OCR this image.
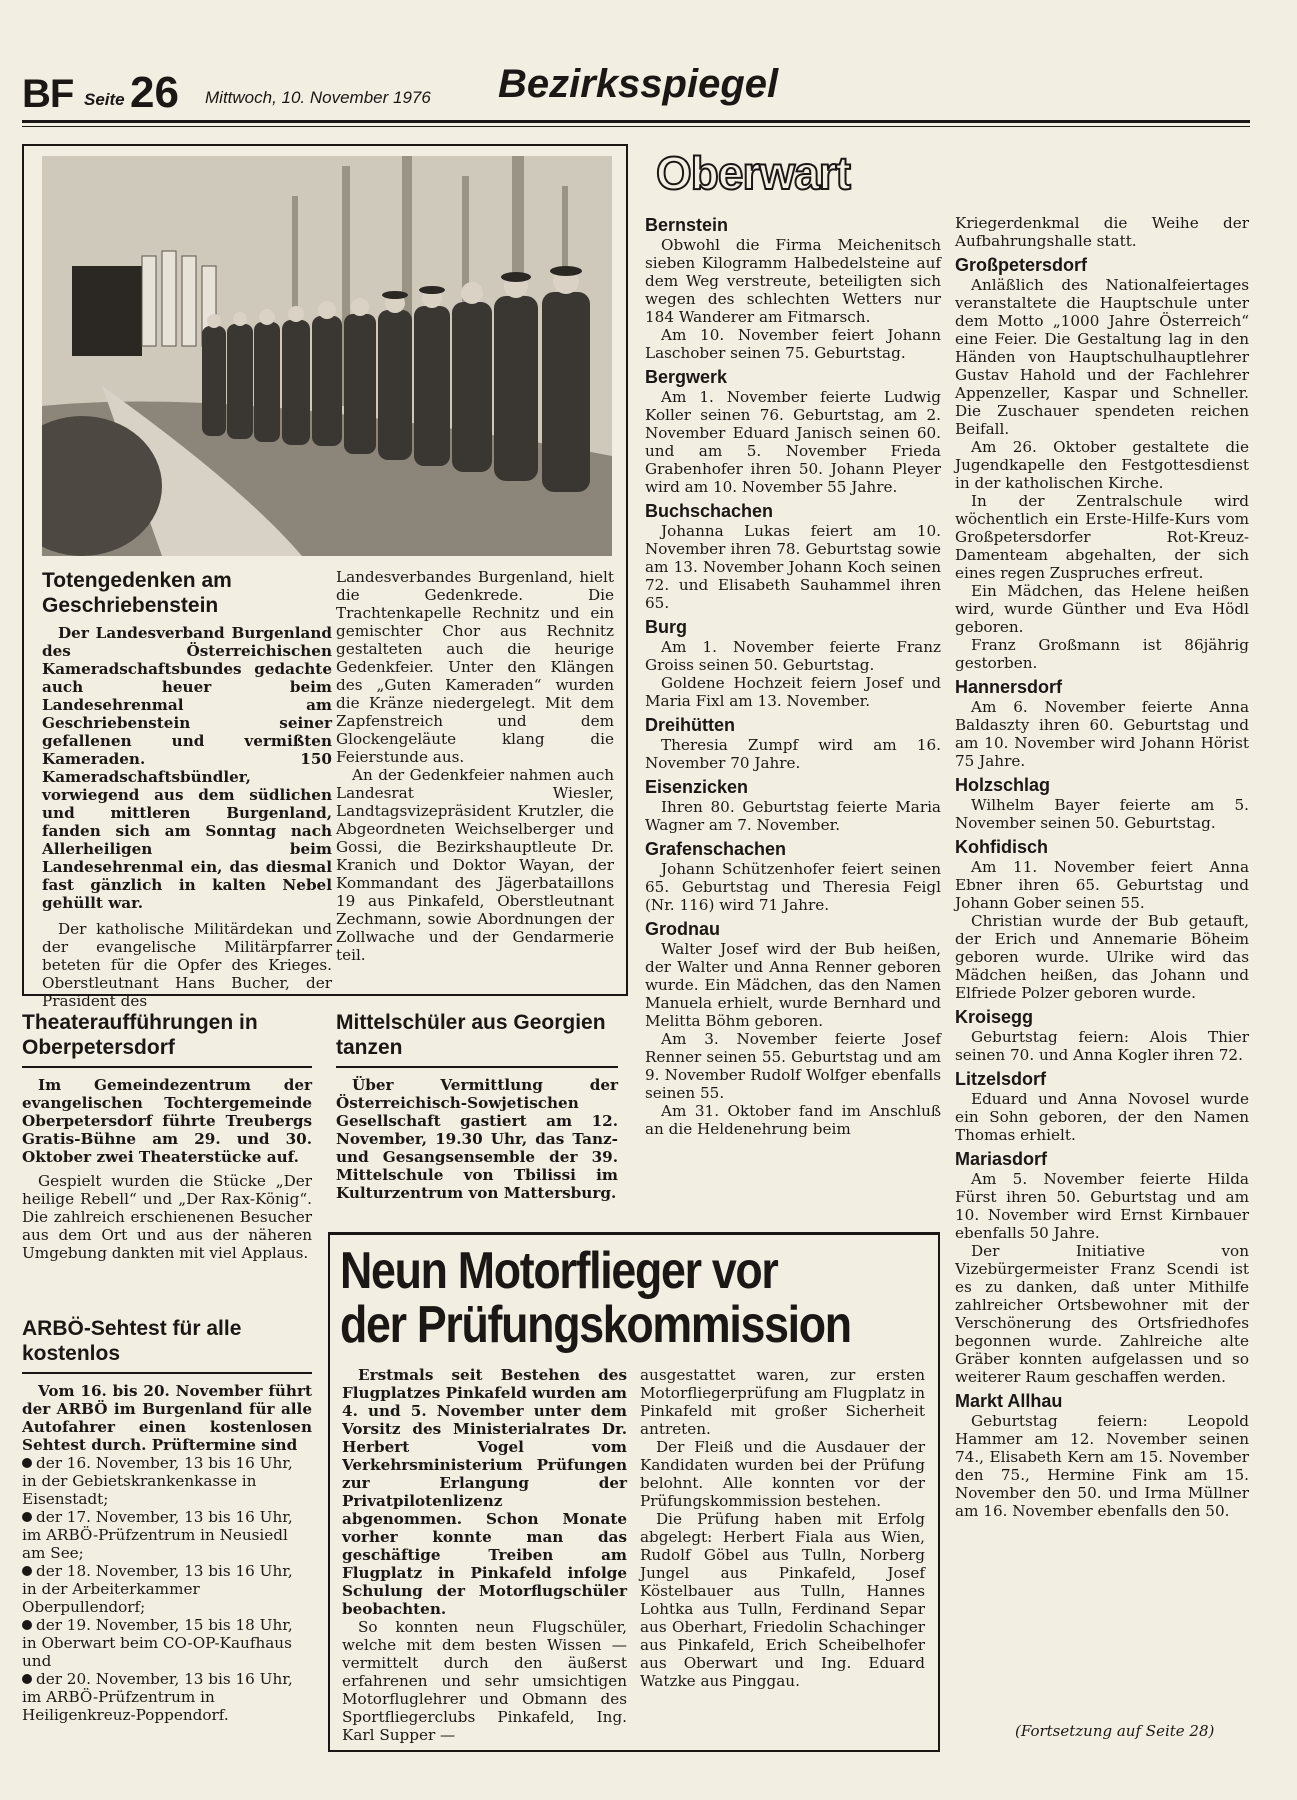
BF Seite 26 Mittwoch, 10. November 1976 Bezirksspiegel
Totengedenken am Geschriebenstein
Der Landesverband Burgenland des Österreichischen Kameradschaftsbundes gedachte auch heuer beim Landesehrenmal am Geschriebenstein seiner gefallenen und vermißten Kameraden. 150 Kameradschaftsbündler, vorwiegend aus dem südlichen und mittleren Burgenland, fanden sich am Sonntag nach Allerheiligen beim Landesehrenmal ein, das diesmal fast gänzlich in kalten Nebel gehüllt war.

Der katholische Militärdekan und der evangelische Militärpfarrer beteten für die Opfer des Krieges. Oberstleutnant Hans Bucher, der Präsident des

Landesverbandes Burgenland, hielt die Gedenkrede. Die Trachtenkapelle Rechnitz und ein gemischter Chor aus Rechnitz gestalteten auch die heurige Gedenkfeier. Unter den Klängen des „Guten Kameraden“ wurden die Kränze niedergelegt. Mit dem Zapfenstreich und dem Glockengeläute klang die Feierstunde aus.

An der Gedenkfeier nahmen auch Landesrat Wiesler, Landtagsvizepräsident Krutzler, die Abgeordneten Weichselberger und Gossi, die Bezirkshauptleute Dr. Kranich und Doktor Wayan, der Kommandant des Jägerbataillons 19 aus Pinkafeld, Oberstleutnant Zechmann, sowie Abordnungen der Zollwache und der Gendarmerie teil.

Theateraufführungen in Oberpetersdorf
Im Gemeindezentrum der evangelischen Tochtergemeinde Oberpetersdorf führte Treubergs Gratis-Bühne am 29. und 30. Oktober zwei Theaterstücke auf.

Gespielt wurden die Stücke „Der heilige Rebell“ und „Der Rax-König“. Die zahlreich erschienenen Besucher aus dem Ort und aus der näheren Umgebung dankten mit viel Applaus.

Mittelschüler aus Georgien tanzen
Über Vermittlung der Österreichisch-Sowjetischen Gesellschaft gastiert am 12. November, 19.30 Uhr, das Tanz- und Gesangsensemble der 39. Mittelschule von Tbilissi im Kulturzentrum von Mattersburg.
ARBÖ-Sehtest für alle kostenlos
Vom 16. bis 20. November führt der ARBÖ im Burgenland für alle Autofahrer einen kostenlosen Sehtest durch. Prüftermine sind
der 16. November, 13 bis 16 Uhr, in der Gebietskrankenkasse in Eisenstadt;
der 17. November, 13 bis 16 Uhr, im ARBÖ-Prüfzentrum in Neusiedl am See;
der 18. November, 13 bis 16 Uhr, in der Arbeiterkammer Oberpullendorf;
der 19. November, 15 bis 18 Uhr, in Oberwart beim CO-OP-Kaufhaus und
der 20. November, 13 bis 16 Uhr, im ARBÖ-Prüfzentrum in Heiligenkreuz-Poppendorf.
Neun Motorflieger vor
der Prüfungskommission
Erstmals seit Bestehen des Flugplatzes Pinkafeld wurden am 4. und 5. November unter dem Vorsitz des Ministerialrates Dr. Herbert Vogel vom Verkehrsministerium Prüfungen zur Erlangung der Privatpilotenlizenz abgenommen. Schon Monate vorher konnte man das geschäftige Treiben am Flugplatz in Pinkafeld infolge Schulung der Motorflugschüler beobachten.

So konnten neun Flugschüler, welche mit dem besten Wissen — vermittelt durch den äußerst erfahrenen und sehr umsichtigen Motorfluglehrer und Obmann des Sportfliegerclubs Pinkafeld, Ing. Karl Supper —

ausgestattet waren, zur ersten Motorfliegerprüfung am Flugplatz in Pinkafeld mit großer Sicherheit antreten.

Der Fleiß und die Ausdauer der Kandidaten wurden bei der Prüfung belohnt. Alle konnten vor der Prüfungskommission bestehen.

Die Prüfung haben mit Erfolg abgelegt: Herbert Fiala aus Wien, Rudolf Göbel aus Tulln, Norberg Jungel aus Pinkafeld, Josef Köstelbauer aus Tulln, Hannes Lohtka aus Tulln, Ferdinand Separ aus Oberhart, Friedolin Schachinger aus Pinkafeld, Erich Scheibelhofer aus Oberwart und Ing. Eduard Watzke aus Pinggau.

Oberwart
Bernstein

Obwohl die Firma Meichenitsch sieben Kilogramm Halbedelsteine auf dem Weg verstreute, beteiligten sich wegen des schlechten Wetters nur 184 Wanderer am Fitmarsch.

Am 10. November feiert Johann Laschober seinen 75. Geburtstag.

Bergwerk

Am 1. November feierte Ludwig Koller seinen 76. Geburtstag, am 2. November Eduard Janisch seinen 60. und am 5. November Frieda Grabenhofer ihren 50. Johann Pleyer wird am 10. November 55 Jahre.

Buchschachen

Johanna Lukas feiert am 10. November ihren 78. Geburtstag sowie am 13. November Johann Koch seinen 72. und Elisabeth Sauhammel ihren 65.

Burg

Am 1. November feierte Franz Groiss seinen 50. Geburtstag.

Goldene Hochzeit feiern Josef und Maria Fixl am 13. November.

Dreihütten

Theresia Zumpf wird am 16. November 70 Jahre.

Eisenzicken

Ihren 80. Geburtstag feierte Maria Wagner am 7. November.

Grafenschachen

Johann Schützenhofer feiert seinen 65. Geburtstag und Theresia Feigl (Nr. 116) wird 71 Jahre.

Grodnau

Walter Josef wird der Bub heißen, der Walter und Anna Renner geboren wurde. Ein Mädchen, das den Namen Manuela erhielt, wurde Bernhard und Melitta Böhm geboren.

Am 3. November feierte Josef Renner seinen 55. Geburtstag und am 9. November Rudolf Wolfger ebenfalls seinen 55.

Am 31. Oktober fand im Anschluß an die Heldenehrung beim

Kriegerdenkmal die Weihe der Aufbahrungshalle statt.

Großpetersdorf

Anläßlich des Nationalfeiertages veranstaltete die Hauptschule unter dem Motto „1000 Jahre Österreich“ eine Feier. Die Gestaltung lag in den Händen von Hauptschulhauptlehrer Gustav Hahold und der Fachlehrer Appenzeller, Kaspar und Schneller. Die Zuschauer spendeten reichen Beifall.

Am 26. Oktober gestaltete die Jugendkapelle den Festgottesdienst in der katholischen Kirche.

In der Zentralschule wird wöchentlich ein Erste-Hilfe-Kurs vom Großpetersdorfer Rot-Kreuz-Damenteam abgehalten, der sich eines regen Zuspruches erfreut.

Ein Mädchen, das Helene heißen wird, wurde Günther und Eva Hödl geboren.

Franz Großmann ist 86jährig gestorben.

Hannersdorf

Am 6. November feierte Anna Baldaszty ihren 60. Geburtstag und am 10. November wird Johann Hörist 75 Jahre.

Holzschlag

Wilhelm Bayer feierte am 5. November seinen 50. Geburtstag.

Kohfidisch

Am 11. November feiert Anna Ebner ihren 65. Geburtstag und Johann Gober seinen 55.

Christian wurde der Bub getauft, der Erich und Annemarie Böheim geboren wurde. Ulrike wird das Mädchen heißen, das Johann und Elfriede Polzer geboren wurde.

Kroisegg

Geburtstag feiern: Alois Thier seinen 70. und Anna Kogler ihren 72.

Litzelsdorf

Eduard und Anna Novosel wurde ein Sohn geboren, der den Namen Thomas erhielt.

Mariasdorf

Am 5. November feierte Hilda Fürst ihren 50. Geburtstag und am 10. November wird Ernst Kirnbauer ebenfalls 50 Jahre.

Der Initiative von Vizebürgermeister Franz Scendi ist es zu danken, daß unter Mithilfe zahlreicher Ortsbewohner mit der Verschönerung des Ortsfriedhofes begonnen wurde. Zahlreiche alte Gräber konnten aufgelassen und so weiterer Raum geschaffen werden.

Markt Allhau

Geburtstag feiern: Leopold Hammer am 12. November seinen 74., Elisabeth Kern am 15. November den 75., Hermine Fink am 15. November den 50. und Irma Müllner am 16. November ebenfalls den 50.

(Fortsetzung auf Seite 28)
